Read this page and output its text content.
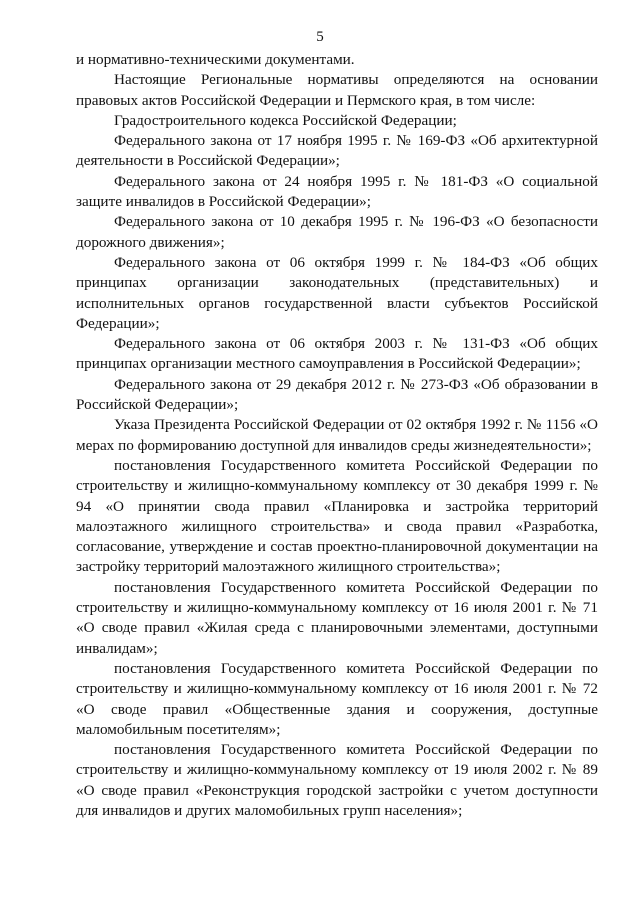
5

и нормативно-техническими документами.

Настоящие Региональные нормативы определяются на основании правовых актов Российской Федерации и Пермского края, в том числе:

Градостроительного кодекса Российской Федерации;

Федерального закона от 17 ноября 1995 г. № 169-ФЗ «Об архитектурной деятельности в Российской Федерации»;

Федерального закона от 24 ноября 1995 г. № 181-ФЗ «О социальной защите инвалидов в Российской Федерации»;

Федерального закона от 10 декабря 1995 г. № 196-ФЗ «О безопасности дорожного движения»;

Федерального закона от 06 октября 1999 г. № 184-ФЗ «Об общих принципах организации законодательных (представительных) и исполнительных органов государственной власти субъектов Российской Федерации»;

Федерального закона от 06 октября 2003 г. № 131-ФЗ «Об общих принципах организации местного самоуправления в Российской Федерации»;

Федерального закона от 29 декабря 2012 г. № 273-ФЗ «Об образовании в Российской Федерации»;

Указа Президента Российской Федерации от 02 октября 1992 г. № 1156 «О мерах по формированию доступной для инвалидов среды жизнедеятельности»;

постановления Государственного комитета Российской Федерации по строительству и жилищно-коммунальному комплексу от 30 декабря 1999 г. № 94 «О принятии свода правил «Планировка и застройка территорий малоэтажного жилищного строительства» и свода правил «Разработка, согласование, утверждение и состав проектно-планировочной документации на застройку территорий малоэтажного жилищного строительства»;

постановления Государственного комитета Российской Федерации по строительству и жилищно-коммунальному комплексу от 16 июля 2001 г. № 71 «О своде правил «Жилая среда с планировочными элементами, доступными инвалидам»;

постановления Государственного комитета Российской Федерации по строительству и жилищно-коммунальному комплексу от 16 июля 2001 г. № 72 «О своде правил «Общественные здания и сооружения, доступные маломобильным посетителям»;

постановления Государственного комитета Российской Федерации по строительству и жилищно-коммунальному комплексу от 19 июля 2002 г. № 89 «О своде правил «Реконструкция городской застройки с учетом доступности для инвалидов и других маломобильных групп населения»;
